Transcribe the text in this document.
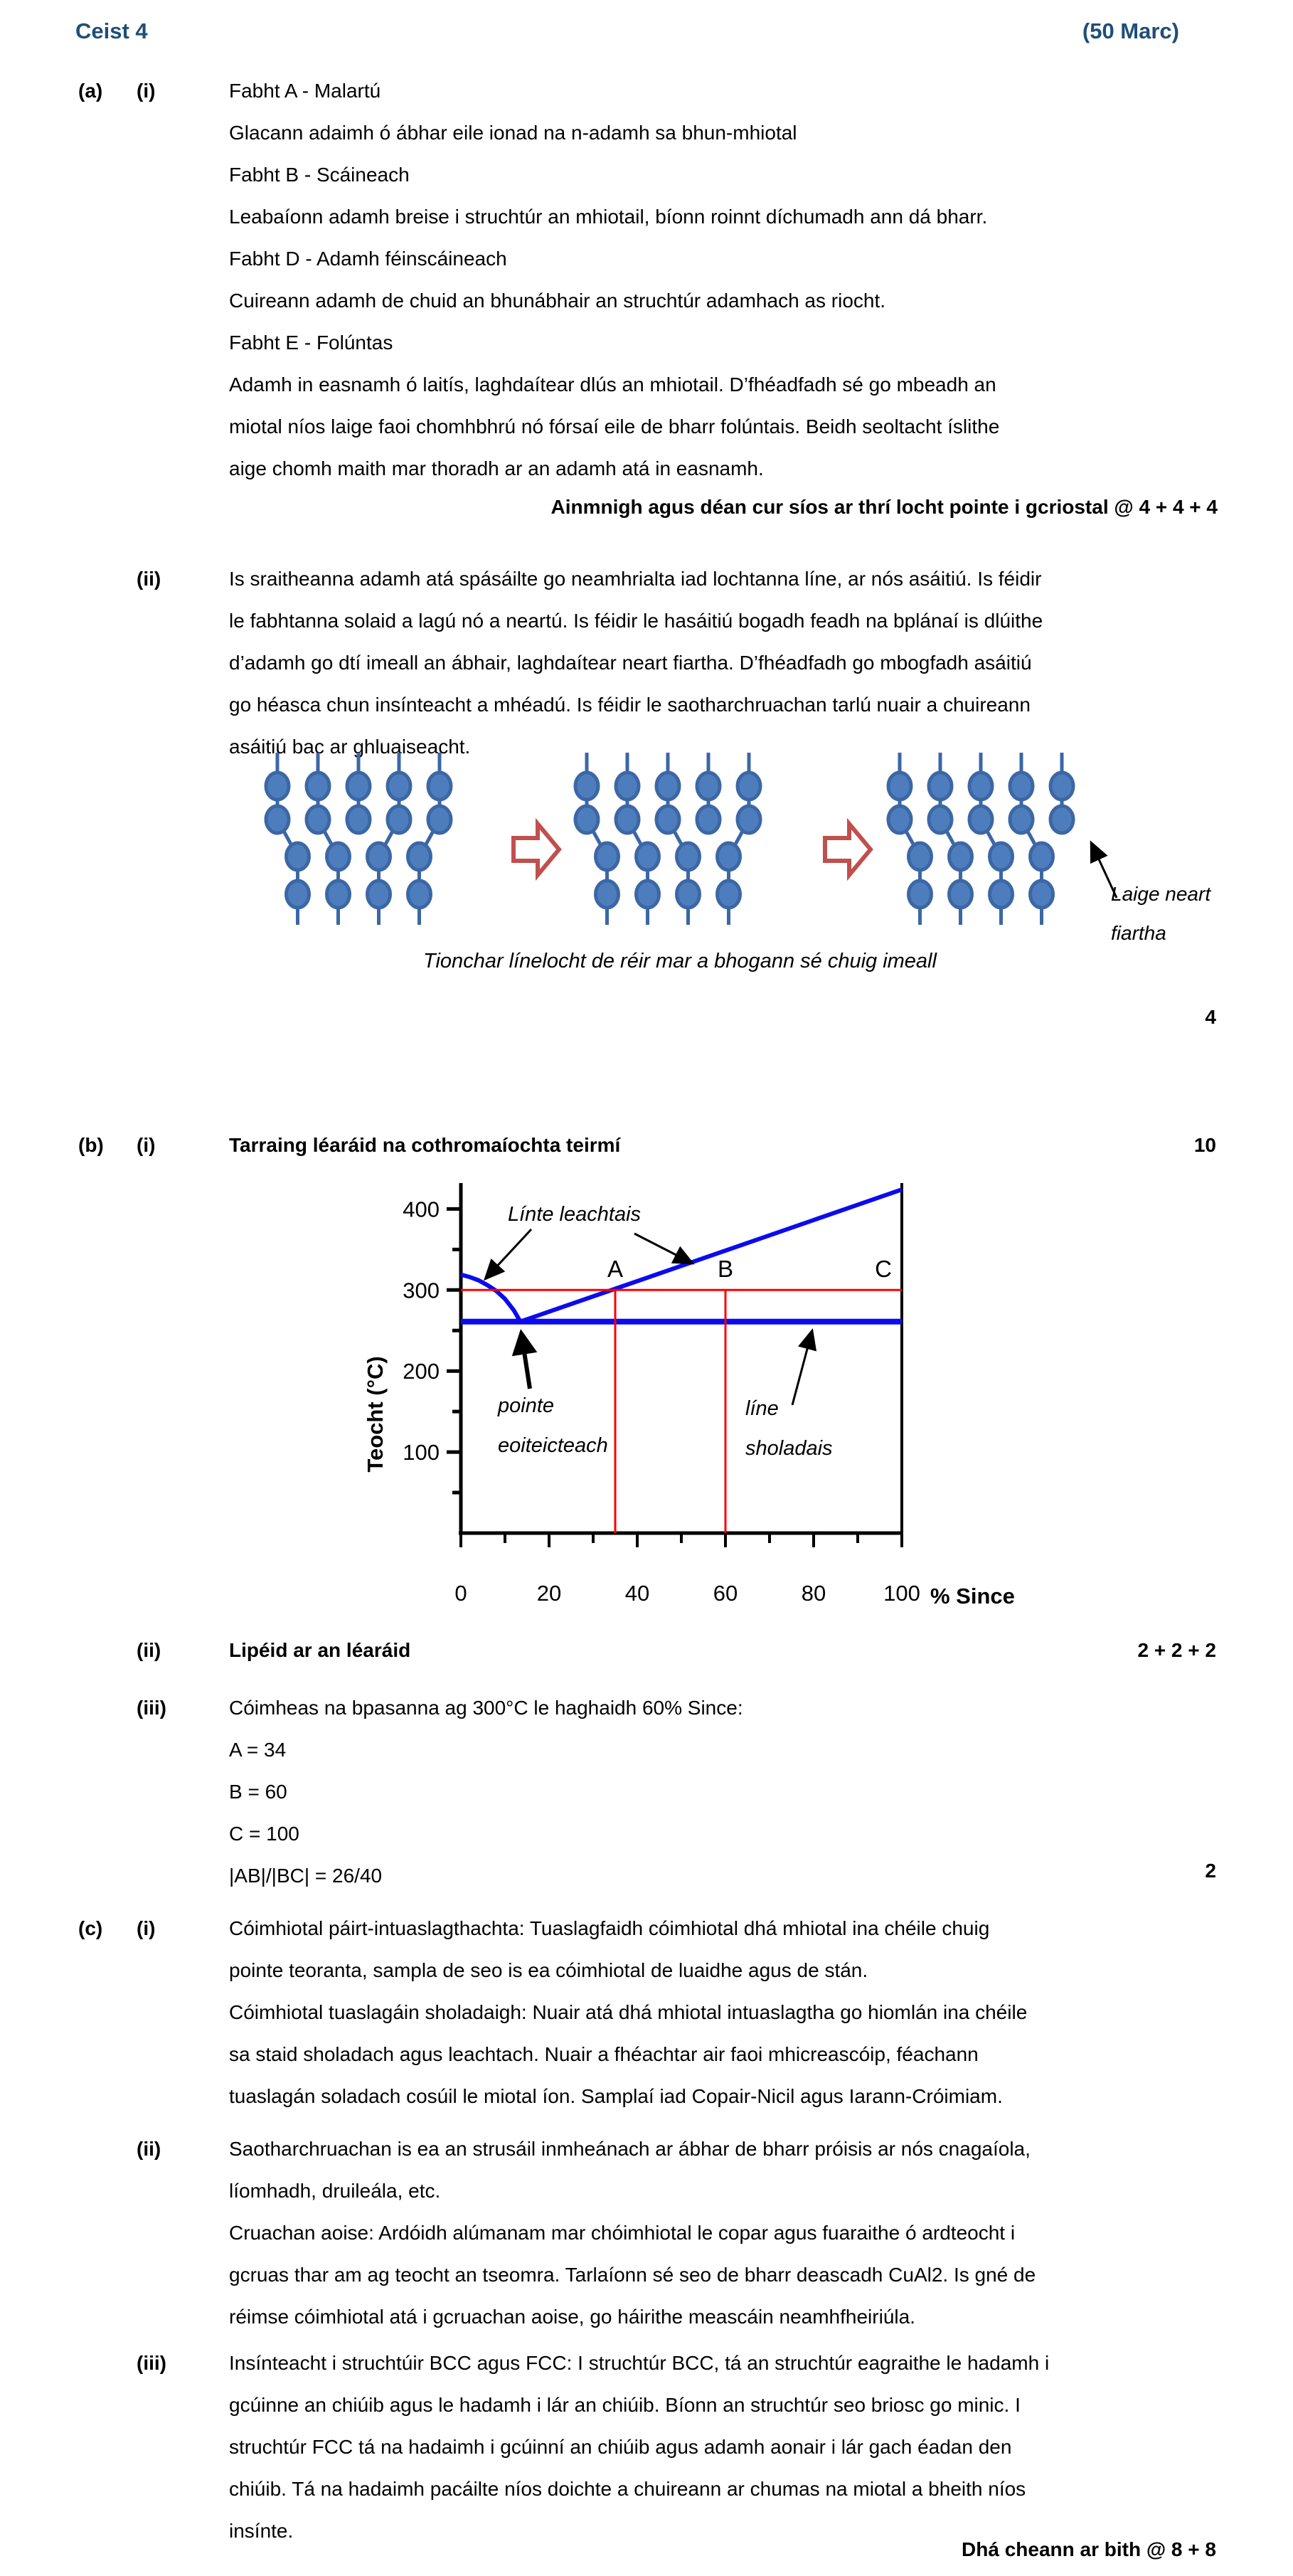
Ceist 4	(50 Marc)
(a) (i)	Fabht A - Malartú
Glacann adaimh ó ábhar eile ionad na n-adamh sa bhun-mhiotal
Fabht B - Scáineach
Leabaíonn adamh breise i struchtúr an mhiotail, bíonn roinnt díchumadh ann dá bharr.
Fabht D - Adamh féinscáineach
Cuireann adamh de chuid an bhunábhair an struchtúr adamhach as riocht.
Fabht E - Folúntas
Adamh in easnamh ó laitís, laghdaítear dlús an mhiotail. D’fhéadfadh sé go mbeadh an
miotal níos laige faoi chomhbhrú nó fórsaí eile de bharr folúntais. Beidh seoltacht íslithe
aige chomh maith mar thoradh ar an adamh atá in easnamh.
Ainmnigh agus déan cur síos ar thrí locht pointe i gcriostal @ 4 + 4 + 4
(ii)	Is sraitheanna adamh atá spásáilte go neamhrialta iad lochtanna líne, ar nós asáitiú. Is féidir
le fabhtanna solaid a lagú nó a neartú. Is féidir le hasáitiú bogadh feadh na bplánaí is dlúithe
d’adamh go dtí imeall an ábhair, laghdaítear neart fiartha. D’fhéadfadh go mbogfadh asáitiú
go héasca chun insínteacht a mhéadú. Is féidir le saotharchruachan tarlú nuair a chuireann
asáitiú bac ar ghluaiseacht.
Laige neart
fiartha
Tionchar línelocht de réir mar a bhogann sé chuig imeall
4
(b) (i)	Tarraing léaráid na cothromaíochta teirmí	10
0	20	40	60	80	100
100
200
300
400	Línte leachtais
pointe
eoiteicteach
líne
sholadais
A	B	C
Teocht (°C)
% Since
(ii)	Lipéid ar an léaráid	2 + 2 + 2
(iii)	Cóimheas na bpasanna ag 300°C le haghaidh 60% Since:
A = 34
B = 60
C = 100
|AB|/|BC| = 26/40	2
(c) (i)	Cóimhiotal páirt-intuaslagthachta: Tuaslagfaidh cóimhiotal dhá mhiotal ina chéile chuig
pointe teoranta, sampla de seo is ea cóimhiotal de luaidhe agus de stán.
Cóimhiotal tuaslagáin sholadaigh: Nuair atá dhá mhiotal intuaslagtha go hiomlán ina chéile
sa staid sholadach agus leachtach. Nuair a fhéachtar air faoi mhicreascóip, féachann
tuaslagán soladach cosúil le miotal íon. Samplaí iad Copair-Nicil agus Iarann-Cróimiam.
(ii)	Saotharchruachan is ea an strusáil inmheánach ar ábhar de bharr próisis ar nós cnagaíola,
líomhadh, druileála, etc.
Cruachan aoise: Ardóidh alúmanam mar chóimhiotal le copar agus fuaraithe ó ardteocht i
gcruas thar am ag teocht an tseomra. Tarlaíonn sé seo de bharr deascadh CuAl2. Is gné de
réimse cóimhiotal atá i gcruachan aoise, go háirithe meascáin neamhfheiriúla.
(iii)	Insínteacht i struchtúir BCC agus FCC: I struchtúr BCC, tá an struchtúr eagraithe le hadamh i
gcúinne an chiúib agus le hadamh i lár an chiúib. Bíonn an struchtúr seo briosc go minic. I
struchtúr FCC tá na hadaimh i gcúinní an chiúib agus adamh aonair i lár gach éadan den
chiúib. Tá na hadaimh pacáilte níos doichte a chuireann ar chumas na miotal a bheith níos
insínte.
Dhá cheann ar bith @ 8 + 8
